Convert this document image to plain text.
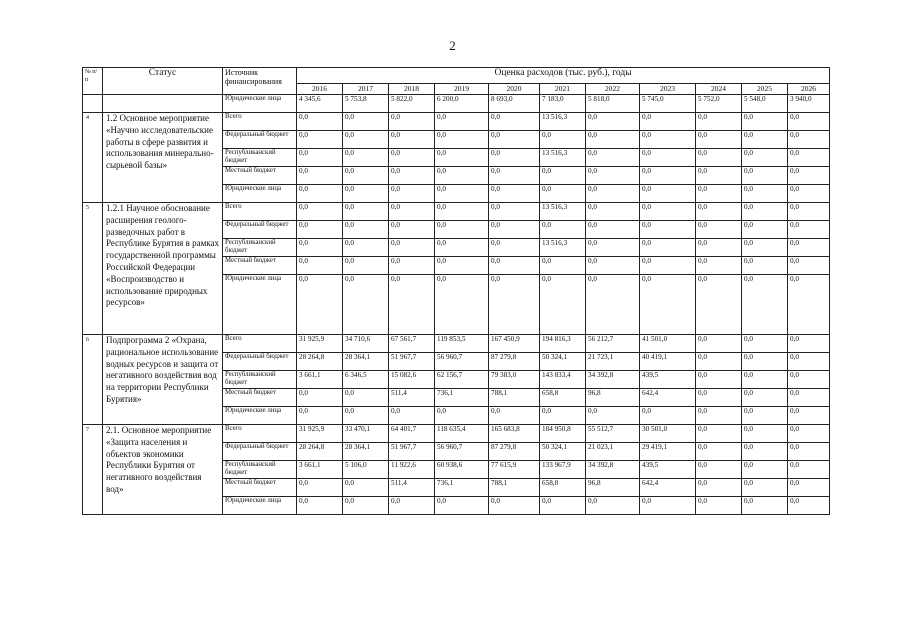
2
№ п/п	Статус	Источник финансирования	Оценка расходов (тыс. руб.), годы										
			2016	2017	2018	2019	2020	2021	2022	2023	2024	2025	2026
		Юридические лица	4 345,6	5 753,8	5 822,0	6 200,0	8 693,0	7 183,0	5 818,0	5 745,0	5 752,0	5 548,0	3 940,0
4	1.2 Основное мероприятие «Научно исследовательские работы в сфере развития и использования минерально-сырьевой базы»	Всего	0,0	0,0	0,0	0,0	0,0	13 516,3	0,0	0,0	0,0	0,0	0,0
		Федеральный бюджет	0,0	0,0	0,0	0,0	0,0	0,0	0,0	0,0	0,0	0,0	0,0
		Республиканский бюджет	0,0	0,0	0,0	0,0	0,0	13 516,3	0,0	0,0	0,0	0,0	0,0
		Местный бюджет	0,0	0,0	0,0	0,0	0,0	0,0	0,0	0,0	0,0	0,0	0,0
		Юридические лица	0,0	0,0	0,0	0,0	0,0	0,0	0,0	0,0	0,0	0,0	0,0
5	1.2.1 Научное обоснование расширения геолого-разведочных работ в Республике Бурятия в рамках государственной программы Российской Федерации «Воспроизводство и использование природных ресурсов»	Всего	0,0	0,0	0,0	0,0	0,0	13 516,3	0,0	0,0	0,0	0,0	0,0
		Федеральный бюджет	0,0	0,0	0,0	0,0	0,0	0,0	0,0	0,0	0,0	0,0	0,0
		Республиканский бюджет	0,0	0,0	0,0	0,0	0,0	13 516,3	0,0	0,0	0,0	0,0	0,0
		Местный бюджет	0,0	0,0	0,0	0,0	0,0	0,0	0,0	0,0	0,0	0,0	0,0
		Юридические лица	0,0	0,0	0,0	0,0	0,0	0,0	0,0	0,0	0,0	0,0	0,0
6	Подпрограмма 2 «Охрана, рациональное использование водных ресурсов и защита от негативного воздействия вод на территории Республики Бурятия»	Всего	31 925,9	34 710,6	67 561,7	119 853,5	167 450,9	194 816,3	56 212,7	41 501,0	0,0	0,0	0,0
		Федеральный бюджет	28 264,8	28 364,1	51 967,7	56 960,7	87 279,8	50 324,1	21 723,1	40 419,1	0,0	0,0	0,0
		Республиканский бюджет	3 661,1	6 346,5	15 082,6	62 156,7	79 383,0	143 833,4	34 392,8	439,5	0,0	0,0	0,0
		Местный бюджет	0,0	0,0	511,4	736,1	788,1	658,8	96,8	642,4	0,0	0,0	0,0
		Юридические лица	0,0	0,0	0,0	0,0	0,0	0,0	0,0	0,0	0,0	0,0	0,0
7	2.1. Основное мероприятие «Защита населения и объектов экономики Республики Бурятия от негативного воздействия вод»	Всего	31 925,9	33 470,1	64 401,7	118 635,4	165 683,8	184 950,8	55 512,7	30 501,0	0,0	0,0	0,0
		Федеральный бюджет	28 264,8	28 364,1	51 967,7	56 960,7	87 279,8	50 324,1	21 023,1	29 419,1	0,0	0,0	0,0
		Республиканский бюджет	3 661,1	5 106,0	11 922,6	60 938,6	77 615,9	133 967,9	34 392,8	439,5	0,0	0,0	0,0
		Местный бюджет	0,0	0,0	511,4	736,1	788,1	658,8	96,8	642,4	0,0	0,0	0,0
		Юридические лица	0,0	0,0	0,0	0,0	0,0	0,0	0,0	0,0	0,0	0,0	0,0
